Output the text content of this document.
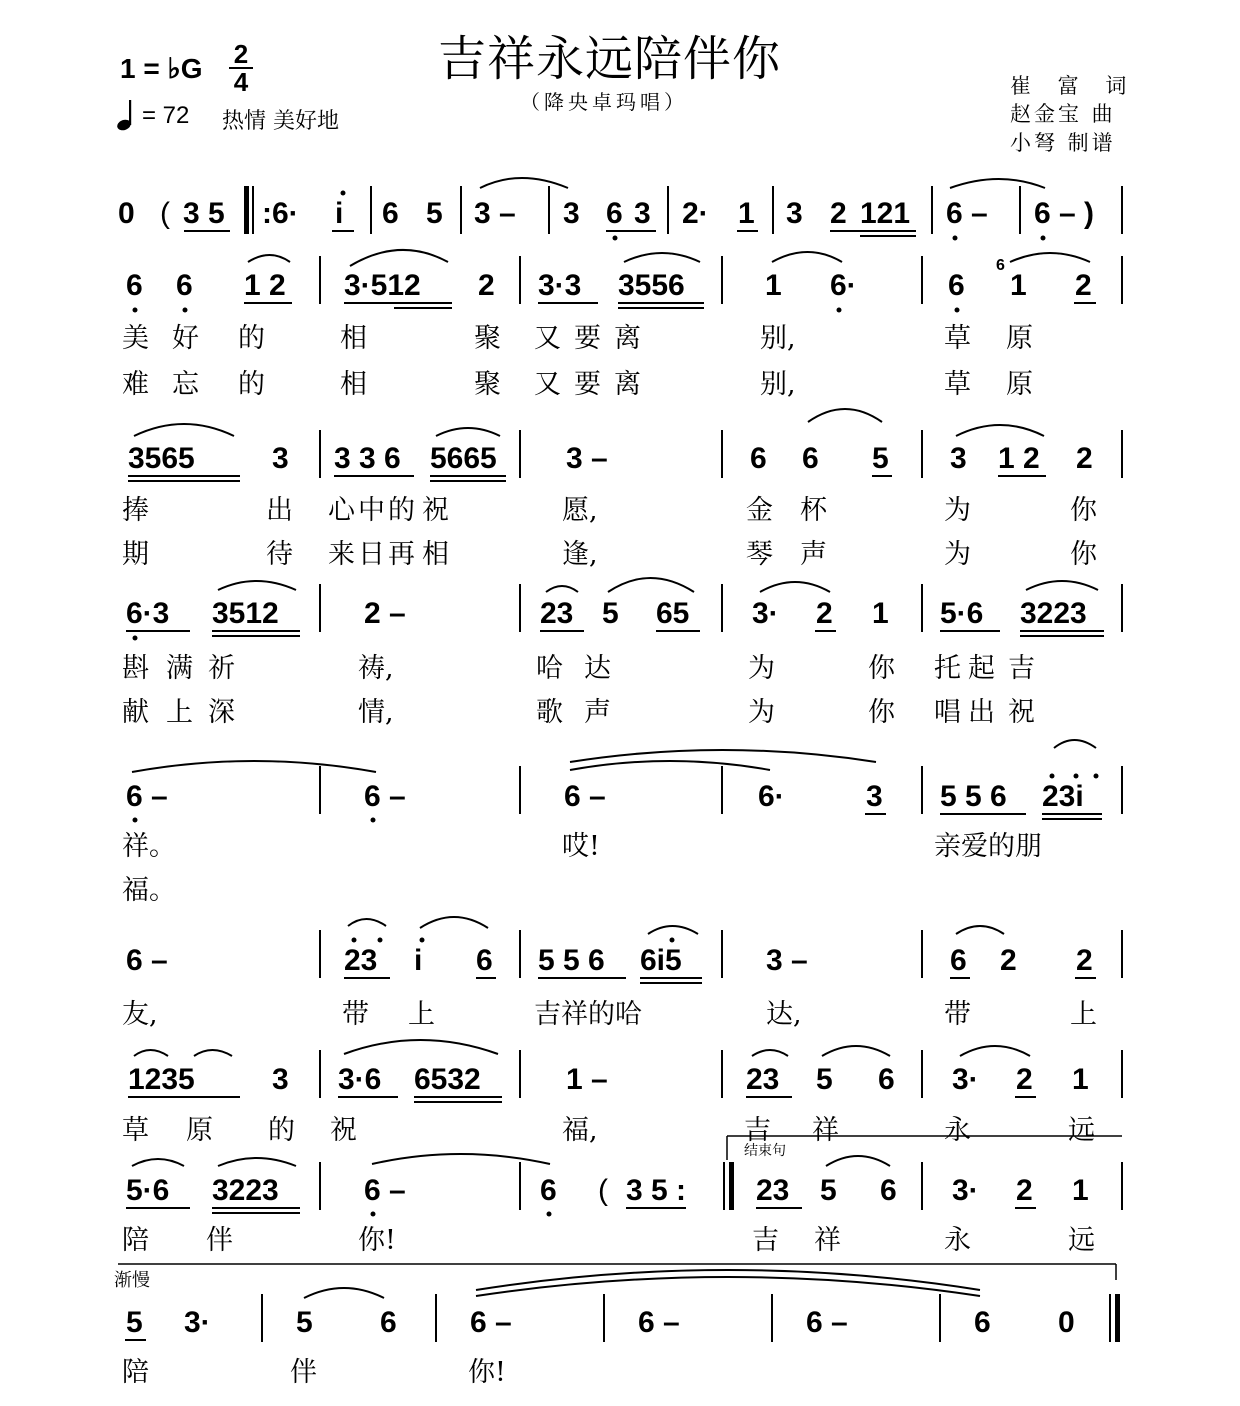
吉祥永远陪伴你
（降央卓玛唱）
1 = ♭G 2
4
= 72 热情 美好地
崔 富 词
赵金宝 曲
小弩 制谱
0 ( 3 5 :6· i 6 5 3 – 3 6 3 2· 1 3 2 121 6 – 6 – )
6 6 1 2 3·512 2 3·3 3556	1 6·	6
6
1 2
3565	3 3 3 6 5665 3 –	6 6 5 3 1 2 2
6·3 3512	2 –	23 5 65 3· 2 1 5·6 3223
6 –	6 –	6 –	6·	3 5 5 6 23i
6 –	23 i 6 5 5 6 6i5	3 –	6 2 2
1235	3 3·6 6532	1 –	23 5 6 3· 2 1
5·6 3223	6 –	6 ( 3 5 : 23 5 6 3· 2 1
5 3·	5 6 6 –	6 –	6 –	6 0
美 好 的	相	聚 又 要 离	别,	草 原
难 忘 的	相	聚 又 要 离	别,	草 原
捧	出 心 中 的 祝	愿,	金 杯	为	你
期	待 来 日 再 相	逢,	琴 声	为	你
斟 满 祈	祷,	哈 达	为	你 托 起 吉
献 上 深	情,	歌 声	为	你 唱 出 祝
祥。	哎!	亲爱的朋
福。
友,	带 上	吉祥的哈	达,	带	上
草 原 的 祝	福,	吉 祥	永	远
结束句
陪 伴	你!	吉 祥	永	远
渐慢
陪	伴	你!
